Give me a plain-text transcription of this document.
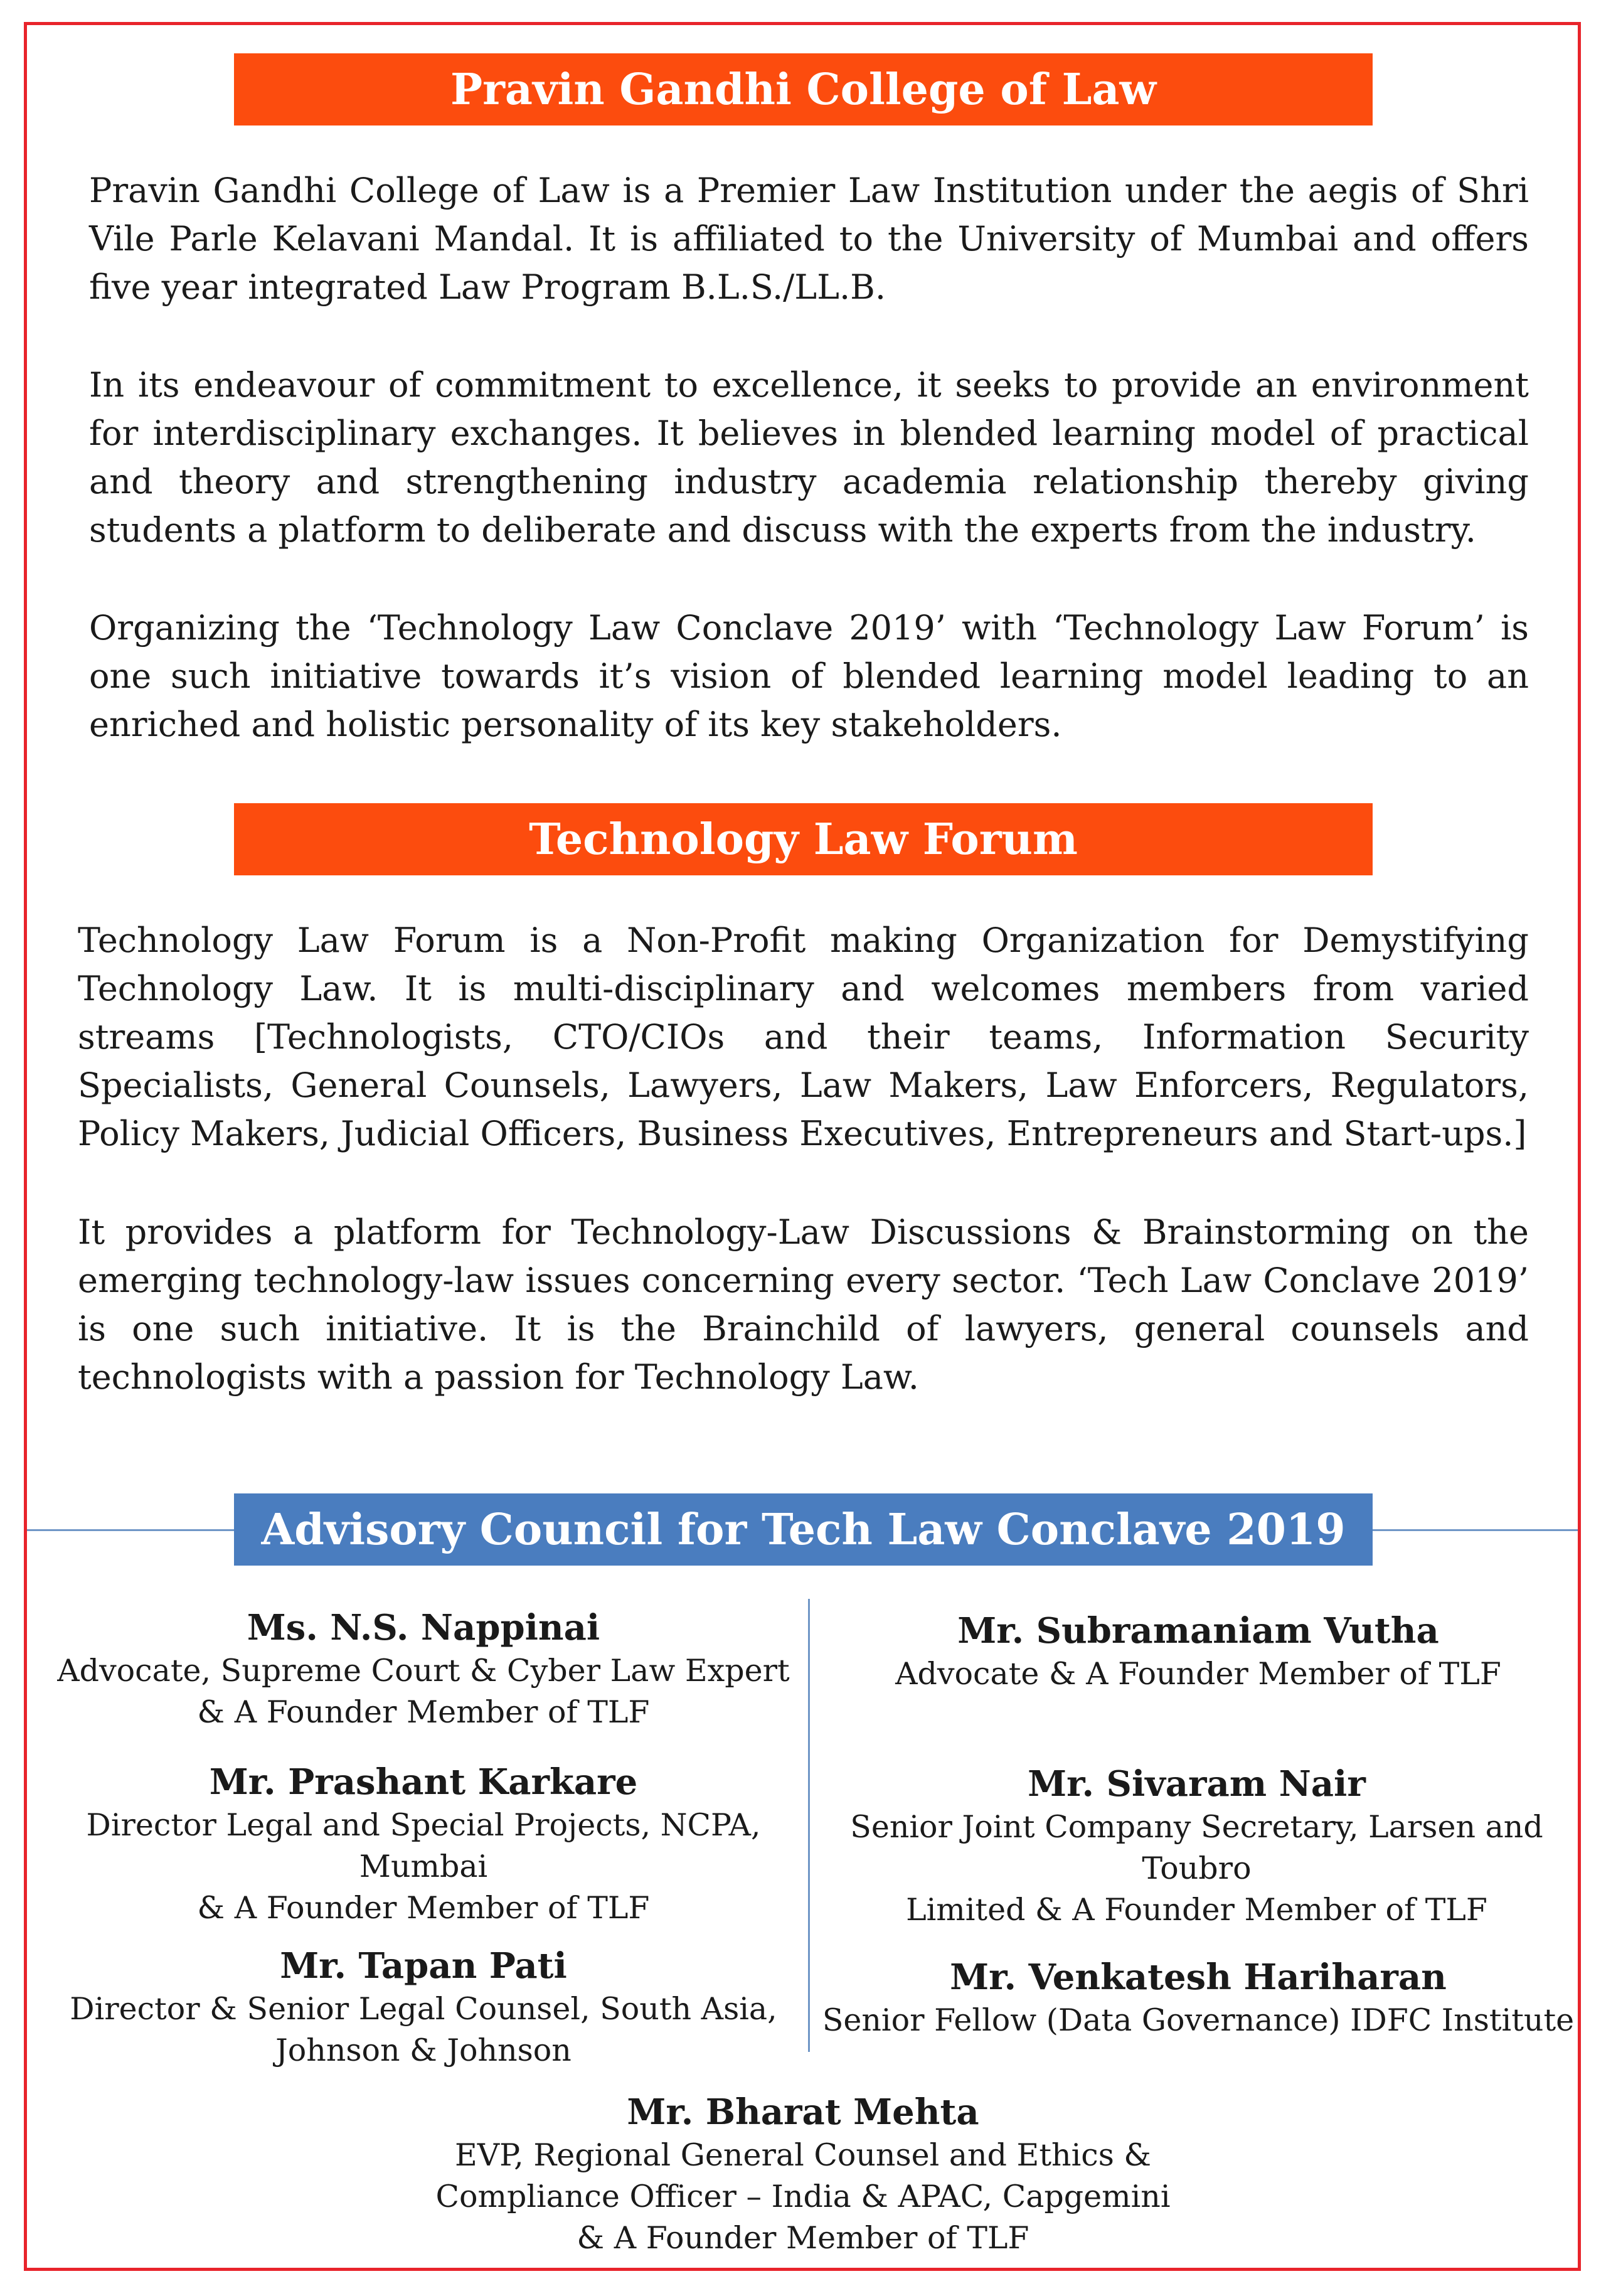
Pravin Gandhi College of Law

Pravin Gandhi College of Law is a Premier Law Institution under the aegis of Shri Vile Parle Kelavani Mandal. It is affiliated to the University of Mumbai and offers five year integrated Law Program B.L.S./LL.B.

In its endeavour of commitment to excellence, it seeks to provide an environment for interdisciplinary exchanges. It believes in blended learning model of practical and theory and strengthening industry academia relationship thereby giving students a platform to deliberate and discuss with the experts from the industry.

Organizing the ‘Technology Law Conclave 2019’ with ‘Technology Law Forum’ is one such initiative towards it’s vision of blended learning model leading to an enriched and holistic personality of its key stakeholders.

Technology Law Forum

Technology Law Forum is a Non-Profit making Organization for Demystifying Technology Law. It is multi-disciplinary and welcomes members from varied streams [Technologists, CTO/CIOs and their teams, Information Security Specialists, General Counsels, Lawyers, Law Makers, Law Enforcers, Regulators, Policy Makers, Judicial Officers, Business Executives, Entrepreneurs and Start-ups.]

It provides a platform for Technology-Law Discussions & Brainstorming on the emerging technology-law issues concerning every sector. ‘Tech Law Conclave 2019’ is one such initiative. It is the Brainchild of lawyers, general counsels and technologists with a passion for Technology Law.

Advisory Council for Tech Law Conclave 2019
Ms. N.S. Nappinai
Advocate, Supreme Court & Cyber Law Expert
& A Founder Member of TLF
Mr. Subramaniam Vutha
Advocate & A Founder Member of TLF
Mr. Prashant Karkare
Director Legal and Special Projects, NCPA, Mumbai
& A Founder Member of TLF
Mr. Sivaram Nair
Senior Joint Company Secretary, Larsen and Toubro
Limited & A Founder Member of TLF
Mr. Tapan Pati
Director & Senior Legal Counsel, South Asia,
Johnson & Johnson
Mr. Venkatesh Hariharan
Senior Fellow (Data Governance) IDFC Institute
Mr. Bharat Mehta
EVP, Regional General Counsel and Ethics &
Compliance Officer – India & APAC, Capgemini
& A Founder Member of TLF
